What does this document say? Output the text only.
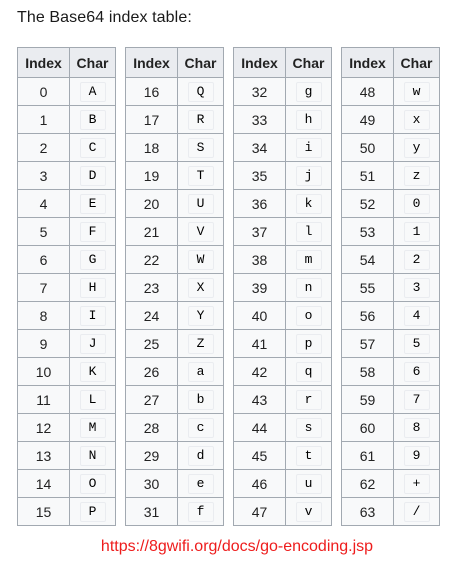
The Base64 index table:
Index	Char
0	A
1	B
2	C
3	D
4	E
5	F
6	G
7	H
8	I
9	J
10	K
11	L
12	M
13	N
14	O
15	P
Index	Char
16	Q
17	R
18	S
19	T
20	U
21	V
22	W
23	X
24	Y
25	Z
26	a
27	b
28	c
29	d
30	e
31	f
Index	Char
32	g
33	h
34	i
35	j
36	k
37	l
38	m
39	n
40	o
41	p
42	q
43	r
44	s
45	t
46	u
47	v
Index	Char
48	w
49	x
50	y
51	z
52	0
53	1
54	2
55	3
56	4
57	5
58	6
59	7
60	8
61	9
62	+
63	/
https://8gwifi.org/docs/go-encoding.jsp
